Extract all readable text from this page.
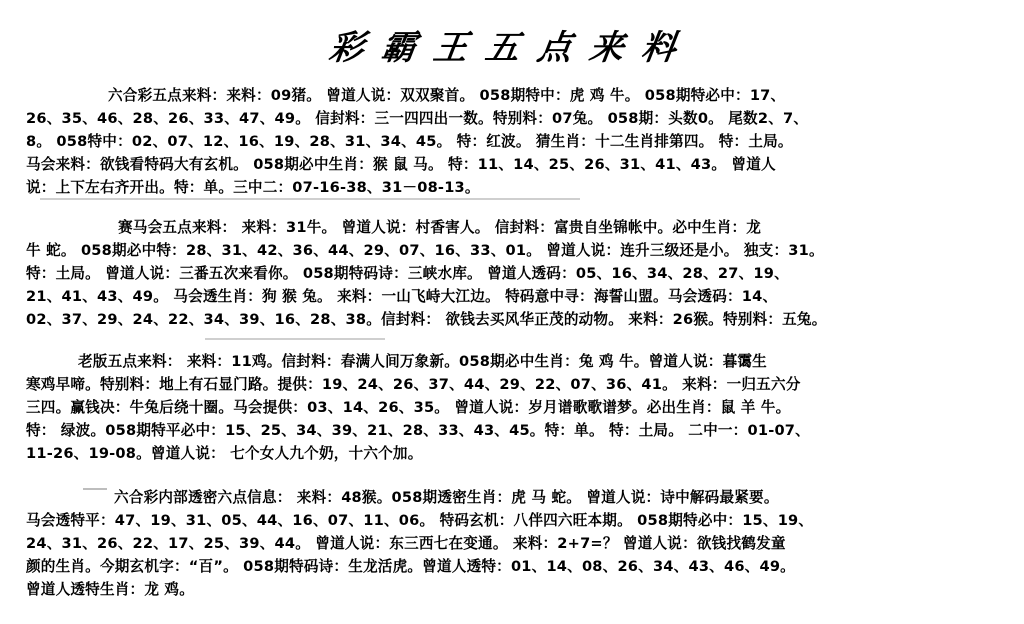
彩霸王五点来料
六合彩五点来料：来料：09猪。 曾道人说：双双聚首。 058期特中：虎 鸡 牛。 058期特必中：17、
26、35、46、28、26、33、47、49。 信封料：三一四四出一数。特别料：07兔。 058期：头数0。 尾数2、7、
8。 058特中：02、07、12、16、19、28、31、34、45。 特：红波。 猜生肖：十二生肖排第四。 特：土局。
马会来料：欲钱看特码大有玄机。 058期必中生肖：猴 鼠 马。 特：11、14、25、26、31、41、43。 曾道人
说：上下左右齐开出。特：单。三中二：07-16-38、31－08-13。
赛马会五点来料： 来料：31牛。 曾道人说：村香害人。 信封料：富贵自坐锦帐中。必中生肖：龙
牛 蛇。 058期必中特：28、31、42、36、44、29、07、16、33、01。 曾道人说：连升三级还是小。 独支：31。
特：土局。 曾道人说：三番五次来看你。 058期特码诗：三峡水库。 曾道人透码：05、16、34、28、27、19、
21、41、43、49。 马会透生肖：狗 猴 兔。 来料：一山飞峙大江边。 特码意中寻：海誓山盟。马会透码：14、
02、37、29、24、22、34、39、16、28、38。信封料： 欲钱去买风华正茂的动物。 来料：26猴。特别料：五兔。
老版五点来料： 来料：11鸡。信封料：春满人间万象新。058期必中生肖：兔 鸡 牛。曾道人说：暮霭生
寒鸡早啼。特别料：地上有石显门路。提供：19、24、26、37、44、29、22、07、36、41。 来料：一归五六分
三四。赢钱决：牛兔后绕十圈。马会提供：03、14、26、35。 曾道人说：岁月谱歌歌谱梦。必出生肖：鼠 羊 牛。
特： 绿波。058期特平必中：15、25、34、39、21、28、33、43、45。特：单。 特：土局。 二中一：01-07、
11-26、19-08。曾道人说： 七个女人九个奶，十六个加。
六合彩内部透密六点信息： 来料：48猴。058期透密生肖：虎 马 蛇。 曾道人说：诗中解码最紧要。
马会透特平：47、19、31、05、44、16、07、11、06。 特码玄机：八伴四六旺本期。 058期特必中：15、19、
24、31、26、22、17、25、39、44。 曾道人说：东三西七在变通。 来料：2+7=？ 曾道人说：欲钱找鹤发童
颜的生肖。今期玄机字：“百”。 058期特码诗：生龙活虎。曾道人透特：01、14、08、26、34、43、46、49。
曾道人透特生肖：龙 鸡。
